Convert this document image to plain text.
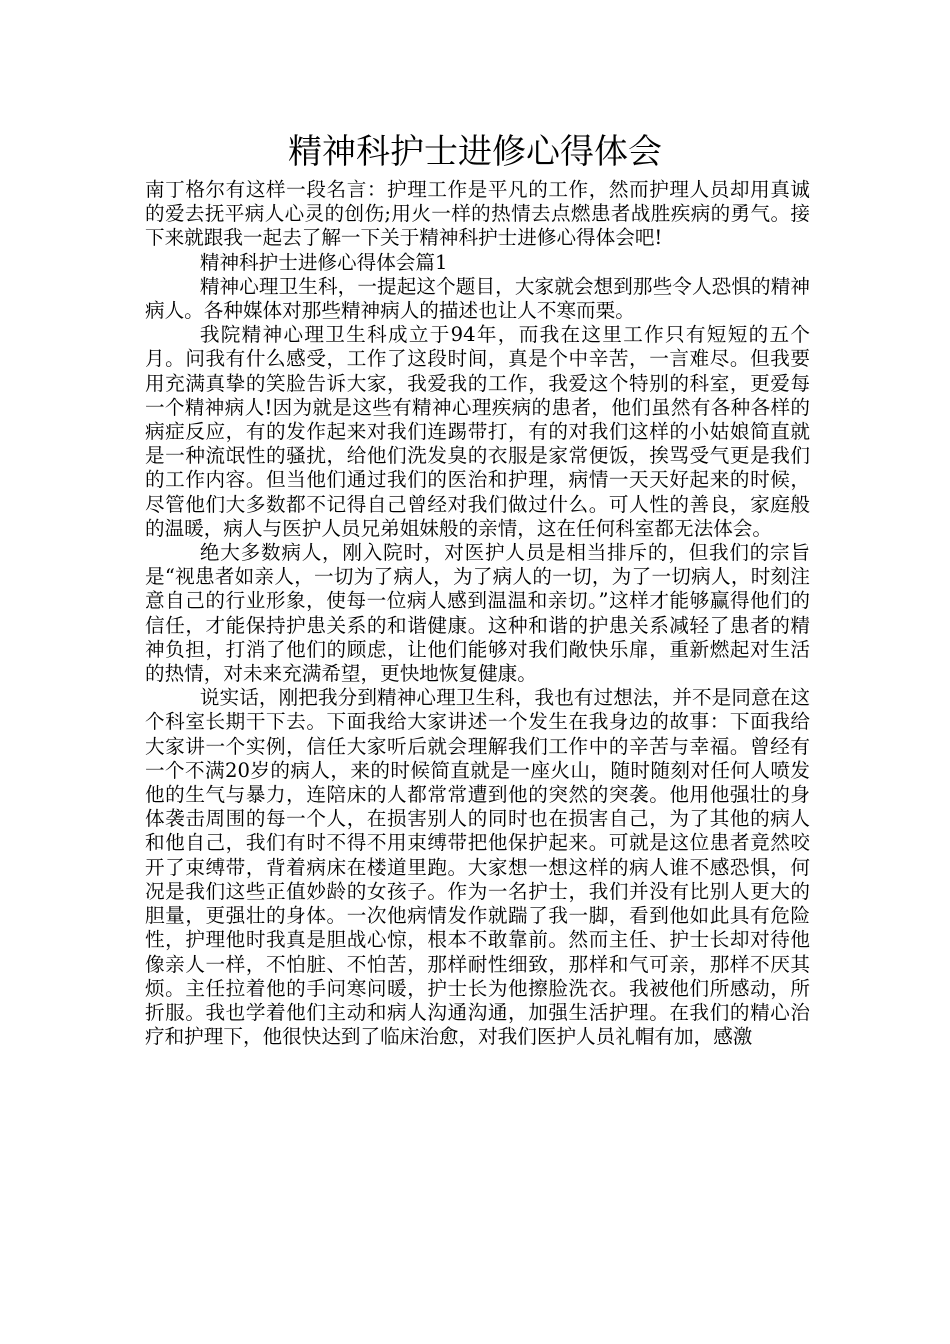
精神科护士进修心得体会

南丁格尔有这样一段名言：护理工作是平凡的工作，然而护理人员却用真诚的爱去抚平病人心灵的创伤;用火一样的热情去点燃患者战胜疾病的勇气。接下来就跟我一起去了解一下关于精神科护士进修心得体会吧!

精神科护士进修心得体会篇1

精神心理卫生科，一提起这个题目，大家就会想到那些令人恐惧的精神病人。各种媒体对那些精神病人的描述也让人不寒而栗。

我院精神心理卫生科成立于94年，而我在这里工作只有短短的五个月。问我有什么感受，工作了这段时间，真是个中辛苦，一言难尽。但我要用充满真挚的笑脸告诉大家，我爱我的工作，我爱这个特别的科室，更爱每一个精神病人!因为就是这些有精神心理疾病的患者，他们虽然有各种各样的病症反应，有的发作起来对我们连踢带打，有的对我们这样的小姑娘简直就是一种流氓性的骚扰，给他们洗发臭的衣服是家常便饭，挨骂受气更是我们的工作内容。但当他们通过我们的医治和护理，病情一天天好起来的时候，尽管他们大多数都不记得自己曾经对我们做过什么。可人性的善良，家庭般的温暖，病人与医护人员兄弟姐妹般的亲情，这在任何科室都无法体会。

绝大多数病人，刚入院时，对医护人员是相当排斥的，但我们的宗旨是“视患者如亲人，一切为了病人，为了病人的一切，为了一切病人，时刻注意自己的行业形象，使每一位病人感到温温和亲切。”这样才能够赢得他们的信任，才能保持护患关系的和谐健康。这种和谐的护患关系减轻了患者的精神负担，打消了他们的顾虑，让他们能够对我们敞快乐扉，重新燃起对生活的热情，对未来充满希望，更快地恢复健康。

说实话，刚把我分到精神心理卫生科，我也有过想法，并不是同意在这个科室长期干下去。下面我给大家讲述一个发生在我身边的故事：下面我给大家讲一个实例，信任大家听后就会理解我们工作中的辛苦与幸福。曾经有一个不满20岁的病人，来的时候简直就是一座火山，随时随刻对任何人喷发他的生气与暴力，连陪床的人都常常遭到他的突然的突袭。他用他强壮的身体袭击周围的每一个人，在损害别人的同时也在损害自己，为了其他的病人和他自己，我们有时不得不用束缚带把他保护起来。可就是这位患者竟然咬开了束缚带，背着病床在楼道里跑。大家想一想这样的病人谁不感恐惧，何况是我们这些正值妙龄的女孩子。作为一名护士，我们并没有比别人更大的胆量，更强壮的身体。一次他病情发作就踹了我一脚，看到他如此具有危险性，护理他时我真是胆战心惊，根本不敢靠前。然而主任、护士长却对待他像亲人一样，不怕脏、不怕苦，那样耐性细致，那样和气可亲，那样不厌其烦。主任拉着他的手问寒问暖，护士长为他擦脸洗衣。我被他们所感动，所折服。我也学着他们主动和病人沟通沟通，加强生活护理。在我们的精心治疗和护理下，他很快达到了临床治愈，对我们医护人员礼帽有加，感激
